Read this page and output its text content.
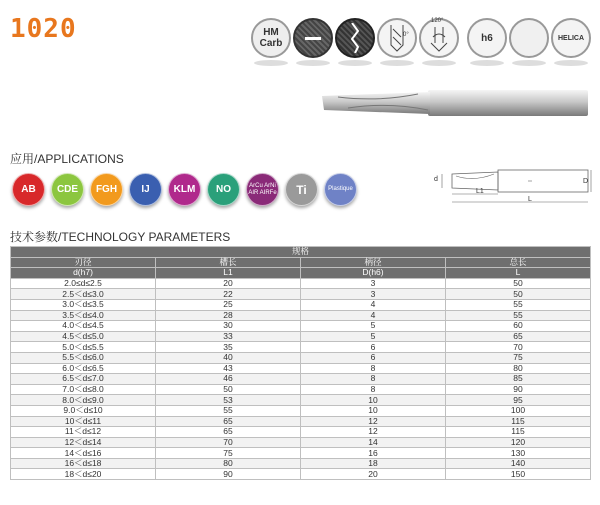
1020	HM
Carb
0°
120°
h6	HELICA
应用/APPLICATIONS
AB CDE FGH IJ KLM NO	ArCu ArNi
AIR AIRFe Ti	Plastique
d
L1
L
D
技术参数/TECHNOLOGY PARAMETERS
规格			
刃径	槽长	柄径	总长
d(h7)	L1	D(h6)	L
2.0≤d≤2.5	20	3	50
2.5＜d≤3.0	22	3	50
3.0＜d≤3.5	25	4	55
3.5＜d≤4.0	28	4	55
4.0＜d≤4.5	30	5	60
4.5＜d≤5.0	33	5	65
5.0＜d≤5.5	35	6	70
5.5＜d≤6.0	40	6	75
6.0＜d≤6.5	43	8	80
6.5＜d≤7.0	46	8	85
7.0＜d≤8.0	50	8	90
8.0＜d≤9.0	53	10	95
9.0＜d≤10	55	10	100
10＜d≤11	65	12	115
11＜d≤12	65	12	115
12＜d≤14	70	14	120
14＜d≤16	75	16	130
16＜d≤18	80	18	140
18＜d≤20	90	20	150
